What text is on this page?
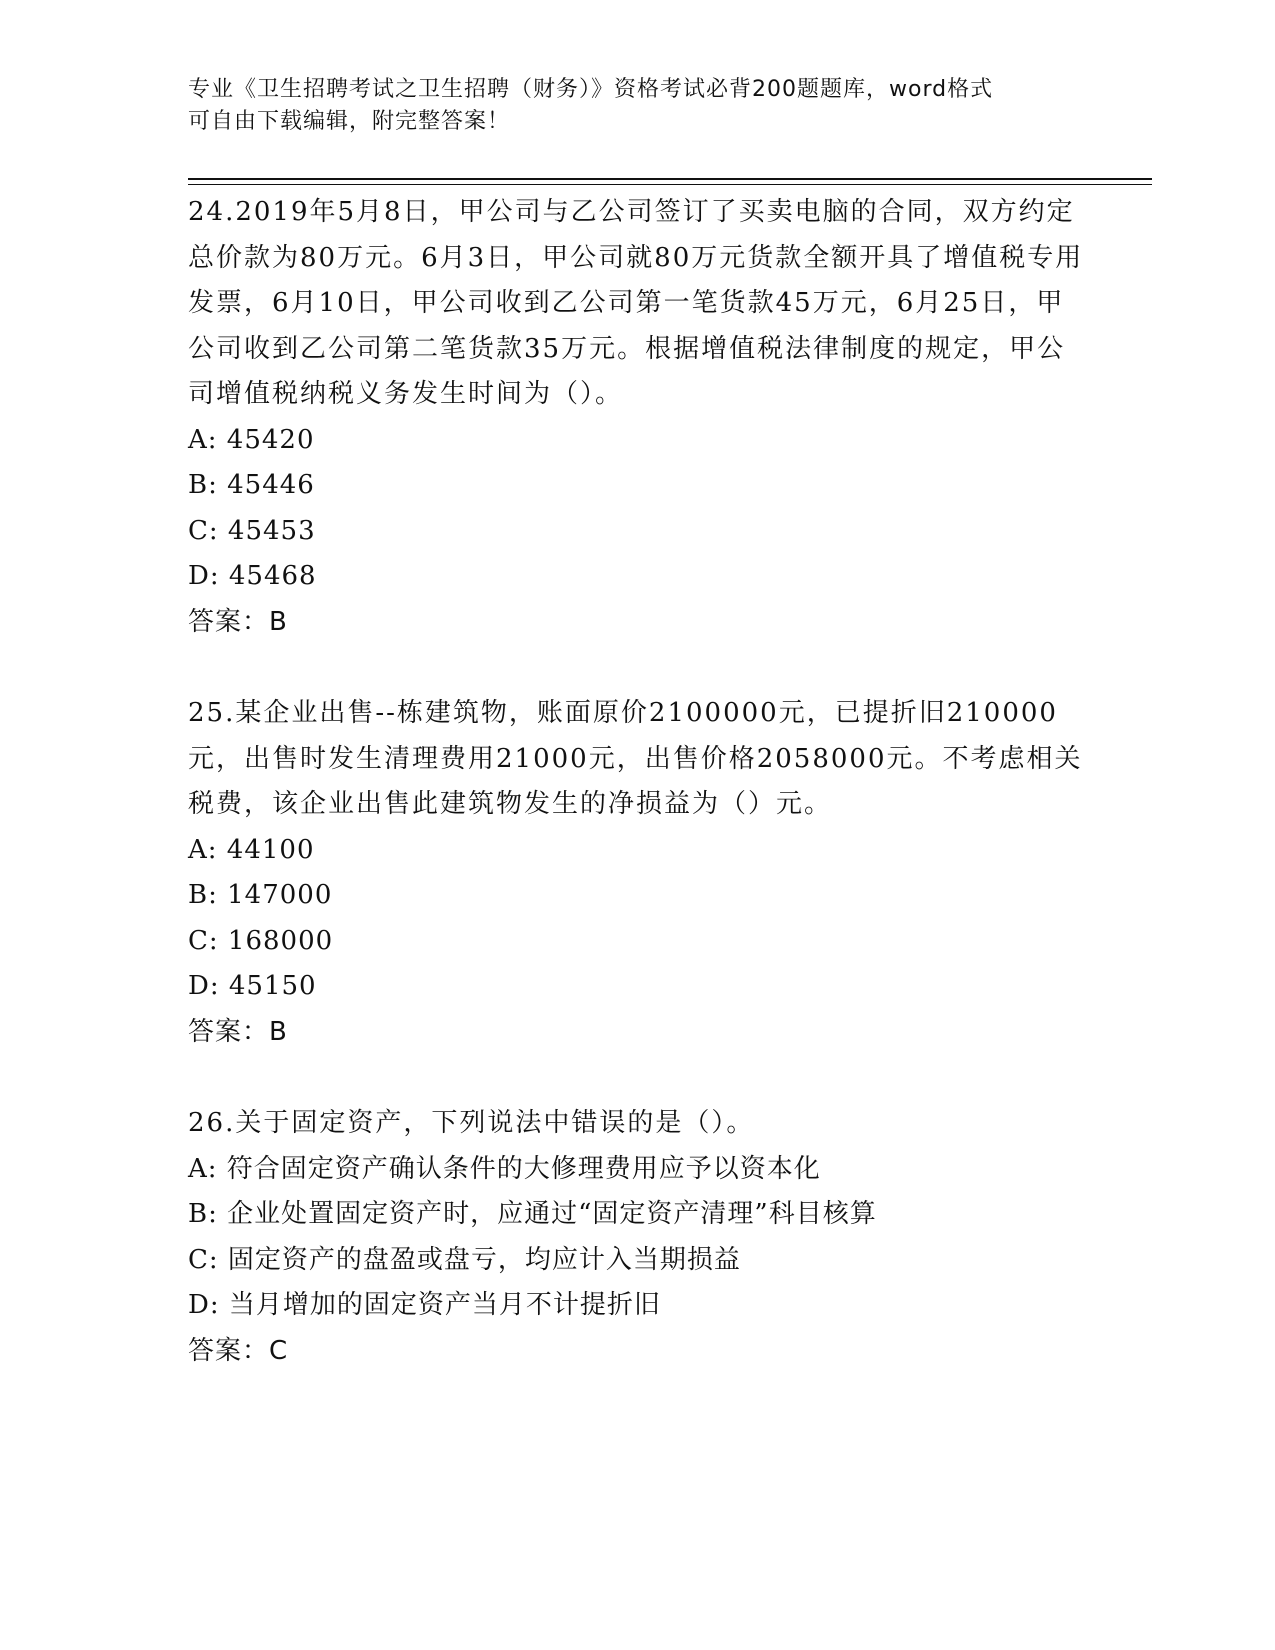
专业《卫生招聘考试之卫生招聘（财务）》资格考试必背200题题库，word格式
可自由下载编辑，附完整答案！
24.2019年5月8日，甲公司与乙公司签订了买卖电脑的合同，双方约定总价款为80万元。6月3日，甲公司就80万元货款全额开具了增值税专用发票，6月10日，甲公司收到乙公司第一笔货款45万元，6月25日，甲公司收到乙公司第二笔货款35万元。根据增值税法律制度的规定，甲公司增值税纳税义务发生时间为（）。
A: 45420
B: 45446
C: 45453
D: 45468
答案：B
25.某企业出售--栋建筑物，账面原价2100000元，已提折旧210000元，出售时发生清理费用21000元，出售价格2058000元。不考虑相关税费，该企业出售此建筑物发生的净损益为（）元。
A: 44100
B: 147000
C: 168000
D: 45150
答案：B
26.关于固定资产，下列说法中错误的是（）。
A: 符合固定资产确认条件的大修理费用应予以资本化
B: 企业处置固定资产时，应通过“固定资产清理”科目核算
C: 固定资产的盘盈或盘亏，均应计入当期损益
D: 当月增加的固定资产当月不计提折旧
答案：C
